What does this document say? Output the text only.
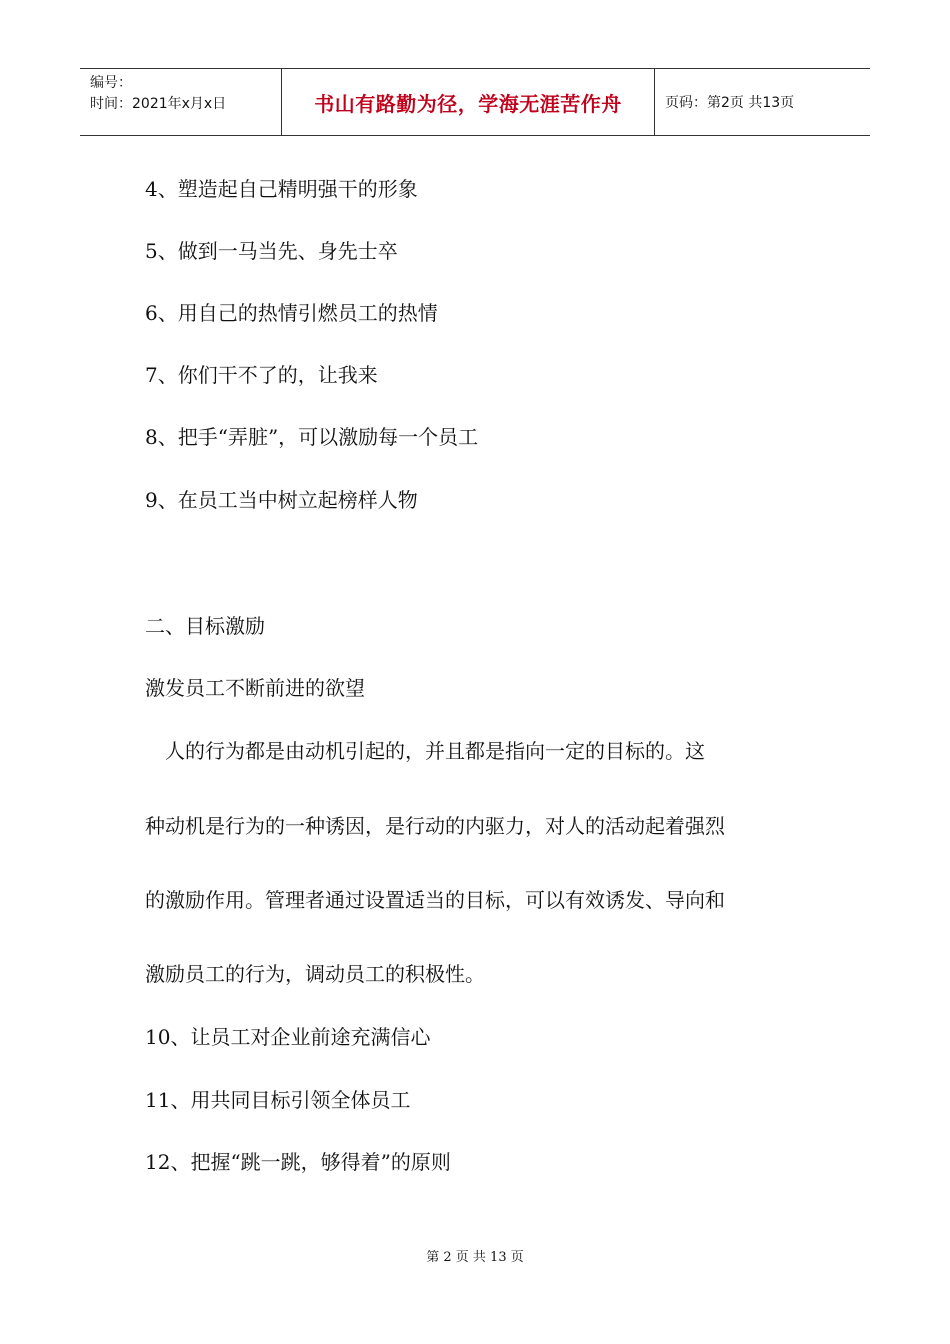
编号：
时间：2021年x月x日	书山有路勤为径，学海无涯苦作舟	页码：第2页 共13页
4、塑造起自己精明强干的形象
5、做到一马当先、身先士卒
6、用自己的热情引燃员工的热情
7、你们干不了的，让我来
8、把手“弄脏”，可以激励每一个员工
9、在员工当中树立起榜样人物
二、目标激励
激发员工不断前进的欲望
　人的行为都是由动机引起的，并且都是指向一定的目标的。这
种动机是行为的一种诱因，是行动的内驱力，对人的活动起着强烈
的激励作用。管理者通过设置适当的目标，可以有效诱发、导向和
激励员工的行为，调动员工的积极性。
10、让员工对企业前途充满信心
11、用共同目标引领全体员工
12、把握“跳一跳，够得着”的原则
第 2 页 共 13 页
